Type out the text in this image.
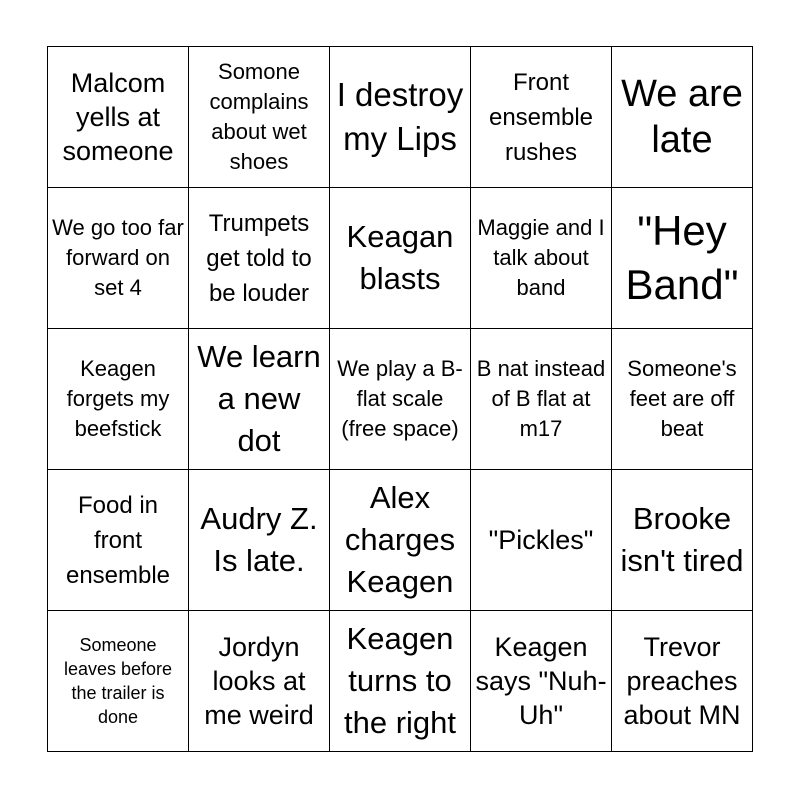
Malcom yells at someone
Somone complains about wet shoes
I destroy my Lips
Front ensemble rushes
We are late
We go too far forward on set 4
Trumpets get told to be louder
Keagan blasts
Maggie and I talk about band
"Hey Band"
Keagen forgets my beefstick
We learn a new dot
We play a B-flat scale (free space)
B nat instead of B flat at m17
Someone's feet are off beat
Food in front ensemble
Audry Z. Is late.
Alex charges Keagen
"Pickles"
Brooke isn't tired
Someone leaves before the trailer is done
Jordyn looks at me weird
Keagen turns to the right
Keagen says "Nuh-Uh"
Trevor preaches about MN
